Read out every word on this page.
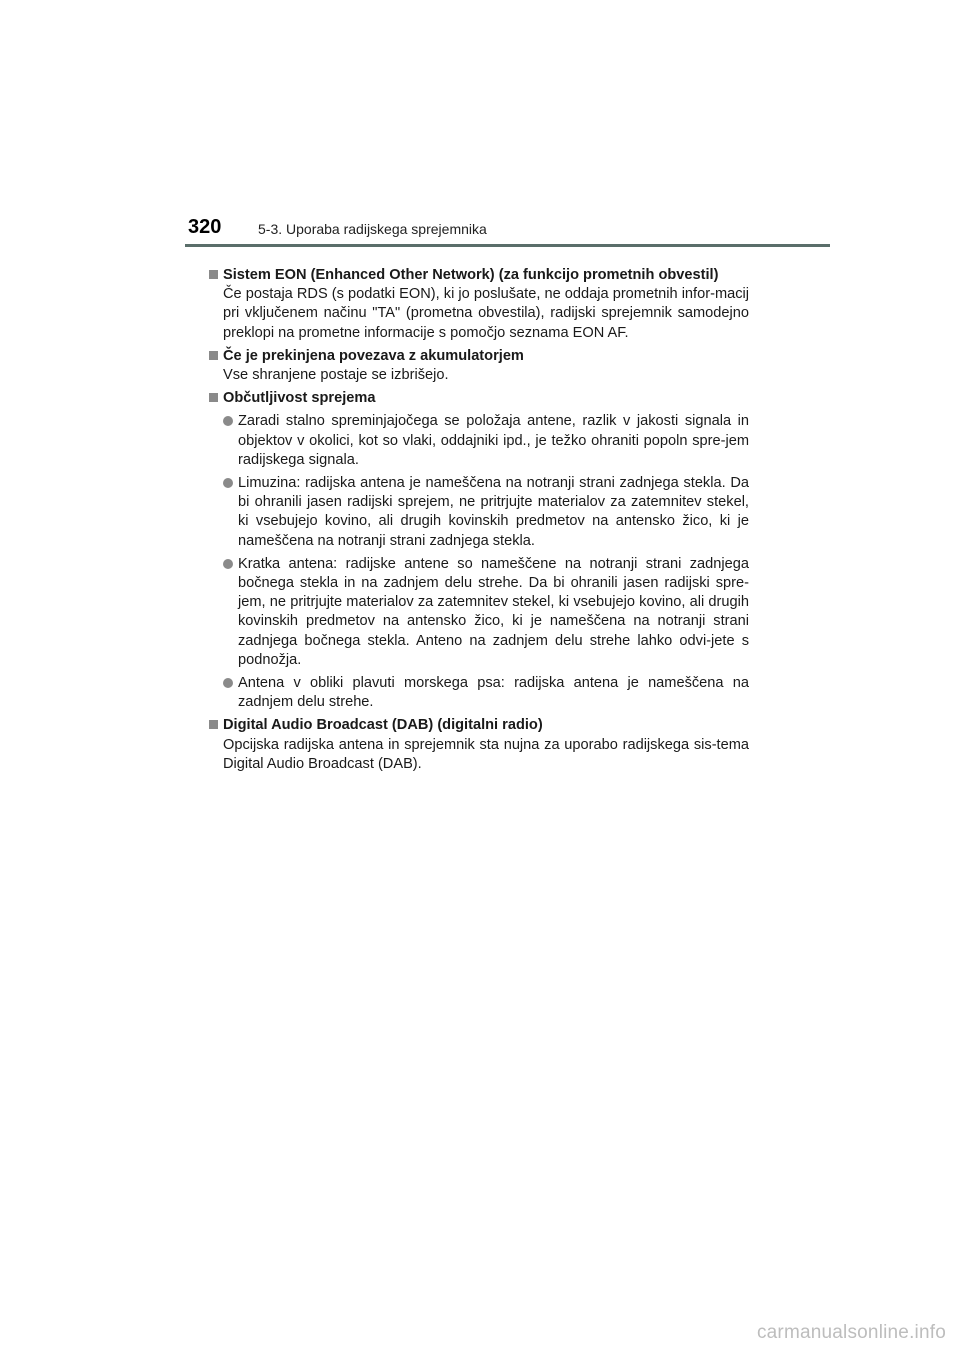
320	5-3. Uporaba radijskega sprejemnika
Sistem EON (Enhanced Other Network) (za funkcijo prometnih obvestil)
Če postaja RDS (s podatki EON), ki jo poslušate, ne oddaja prometnih infor-macij pri vključenem načinu "TA" (prometna obvestila), radijski sprejemnik samodejno preklopi na prometne informacije s pomočjo seznama EON AF.
Če je prekinjena povezava z akumulatorjem
Vse shranjene postaje se izbrišejo.
Občutljivost sprejema
Zaradi stalno spreminjajočega se položaja antene, razlik v jakosti signala in objektov v okolici, kot so vlaki, oddajniki ipd., je težko ohraniti popoln spre-jem radijskega signala.
Limuzina: radijska antena je nameščena na notranji strani zadnjega stekla. Da bi ohranili jasen radijski sprejem, ne pritrjujte materialov za zatemnitev stekel, ki vsebujejo kovino, ali drugih kovinskih predmetov na antensko žico, ki je nameščena na notranji strani zadnjega stekla.
Kratka antena: radijske antene so nameščene na notranji strani zadnjega bočnega stekla in na zadnjem delu strehe. Da bi ohranili jasen radijski spre-jem, ne pritrjujte materialov za zatemnitev stekel, ki vsebujejo kovino, ali drugih kovinskih predmetov na antensko žico, ki je nameščena na notranji strani zadnjega bočnega stekla. Anteno na zadnjem delu strehe lahko odvi-jete s podnožja.
Antena v obliki plavuti morskega psa: radijska antena je nameščena na zadnjem delu strehe.
Digital Audio Broadcast (DAB) (digitalni radio)
Opcijska radijska antena in sprejemnik sta nujna za uporabo radijskega sis-tema Digital Audio Broadcast (DAB).
carmanualsonline.info
